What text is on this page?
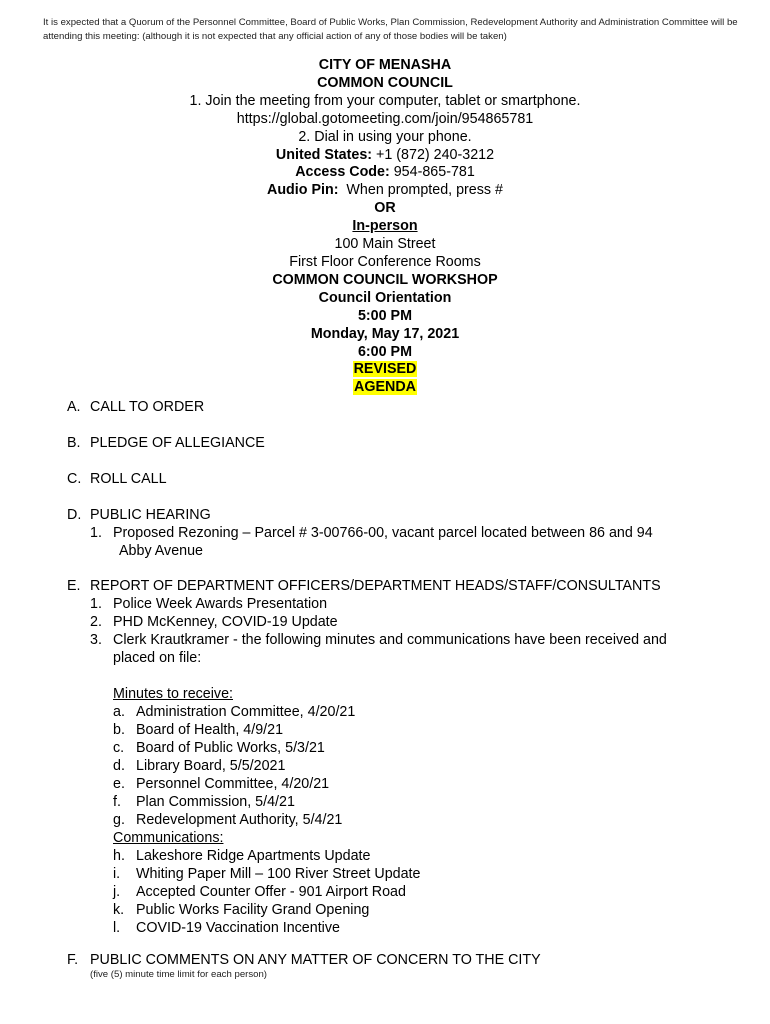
It is expected that a Quorum of the Personnel Committee, Board of Public Works, Plan Commission, Redevelopment Authority and Administration Committee will be attending this meeting: (although it is not expected that any official action of any of those bodies will be taken)
CITY OF MENASHA
COMMON COUNCIL
1. Join the meeting from your computer, tablet or smartphone.
https://global.gotomeeting.com/join/954865781
2. Dial in using your phone.
United States: +1 (872) 240-3212
Access Code: 954-865-781
Audio Pin:  When prompted, press #
OR
In-person
100 Main Street
First Floor Conference Rooms
COMMON COUNCIL WORKSHOP
Council Orientation
5:00 PM
Monday, May 17, 2021
6:00 PM
REVISED
AGENDA
A. CALL TO ORDER
B. PLEDGE OF ALLEGIANCE
C. ROLL CALL
D. PUBLIC HEARING
1. Proposed Rezoning – Parcel # 3-00766-00, vacant parcel located between 86 and 94
Abby Avenue
E. REPORT OF DEPARTMENT OFFICERS/DEPARTMENT HEADS/STAFF/CONSULTANTS
1. Police Week Awards Presentation
2. PHD McKenney, COVID-19 Update
3. Clerk Krautkramer - the following minutes and communications have been received and
placed on file:
Minutes to receive:
a. Administration Committee, 4/20/21
b. Board of Health, 4/9/21
c. Board of Public Works, 5/3/21
d. Library Board, 5/5/2021
e. Personnel Committee, 4/20/21
f. Plan Commission, 5/4/21
g. Redevelopment Authority, 5/4/21
Communications:
h. Lakeshore Ridge Apartments Update
i. Whiting Paper Mill – 100 River Street Update
j. Accepted Counter Offer - 901 Airport Road
k. Public Works Facility Grand Opening
l. COVID-19 Vaccination Incentive
F. PUBLIC COMMENTS ON ANY MATTER OF CONCERN TO THE CITY
(five (5) minute time limit for each person)
